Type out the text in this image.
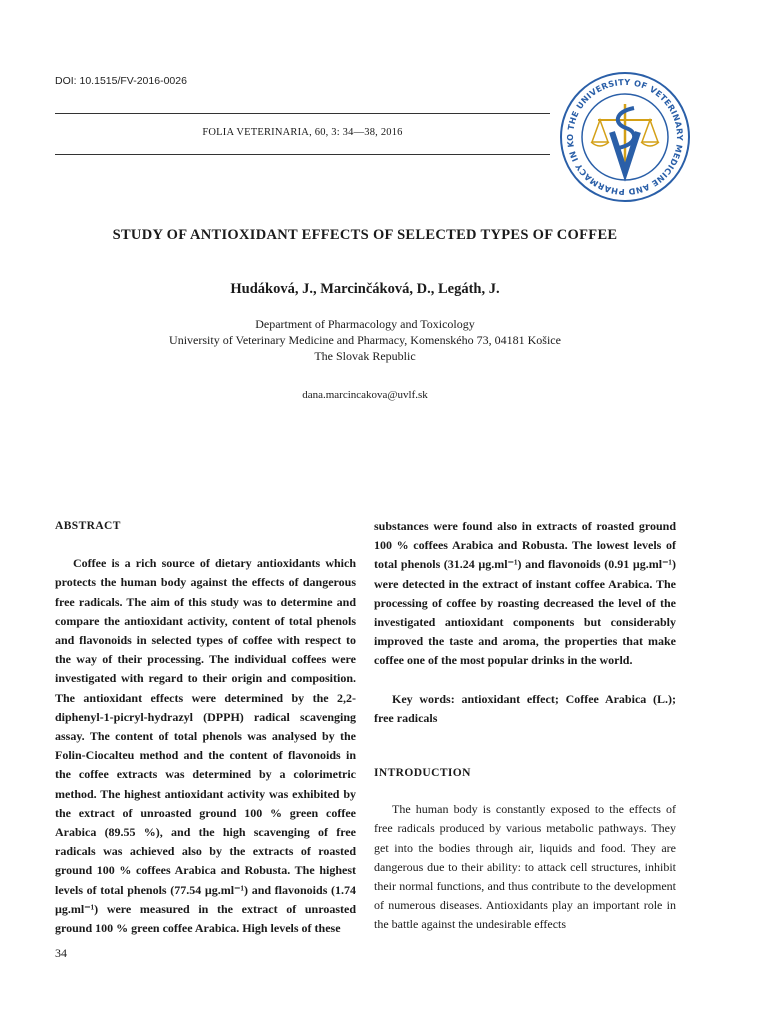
DOI: 10.1515/FV-2016-0026
FOLIA VETERINARIA, 60, 3: 34—38, 2016	THE UNIVERSITY OF VETERINARY MEDICINE AND PHARMACY IN KO
STUDY OF ANTIOXIDANT EFFECTS OF SELECTED TYPES OF COFFEE
Hudáková, J., Marcinčáková, D., Legáth, J.
Department of Pharmacology and Toxicology
University of Veterinary Medicine and Pharmacy, Komenského 73, 04181 Košice
The Slovak Republic
dana.marcincakova@uvlf.sk
ABSTRACT

Coffee is a rich source of dietary antioxidants which protects the human body against the effects of dangerous free radicals. The aim of this study was to determine and compare the antioxidant activity, content of total phenols and flavonoids in selected types of coffee with respect to the way of their processing. The individual coffees were investigated with regard to their origin and composition. The antioxidant effects were determined by the 2,2-diphenyl-1-picryl-hydrazyl (DPPH) radical scavenging assay. The content of total phenols was analysed by the Folin-Ciocalteu method and the content of flavonoids in the coffee extracts was determined by a colorimetric method. The highest antioxidant activity was exhibited by the extract of unroasted ground 100 % green coffee Arabica (89.55 %), and the high scavenging of free radicals was achieved also by the extracts of roasted ground 100 % coffees Arabica and Robusta. The highest levels of total phenols (77.54 µg.ml⁻¹) and flavonoids (1.74 µg.ml⁻¹) were measured in the extract of unroasted ground 100 % green coffee Arabica. High levels of these

substances were found also in extracts of roasted ground 100 % coffees Arabica and Robusta. The lowest levels of total phenols (31.24 µg.ml⁻¹) and flavonoids (0.91 µg.ml⁻¹) were detected in the extract of instant coffee Arabica. The processing of coffee by roasting decreased the level of the investigated antioxidant components but considerably improved the taste and aroma, the properties that make coffee one of the most popular drinks in the world.

Key words: antioxidant effect; Coffee Arabica (L.); free radicals

INTRODUCTION

The human body is constantly exposed to the effects of free radicals produced by various metabolic pathways. They get into the bodies through air, liquids and food. They are dangerous due to their ability: to attack cell structures, inhibit their normal functions, and thus contribute to the development of numerous diseases. Antioxidants play an important role in the battle against the undesirable effects

34
